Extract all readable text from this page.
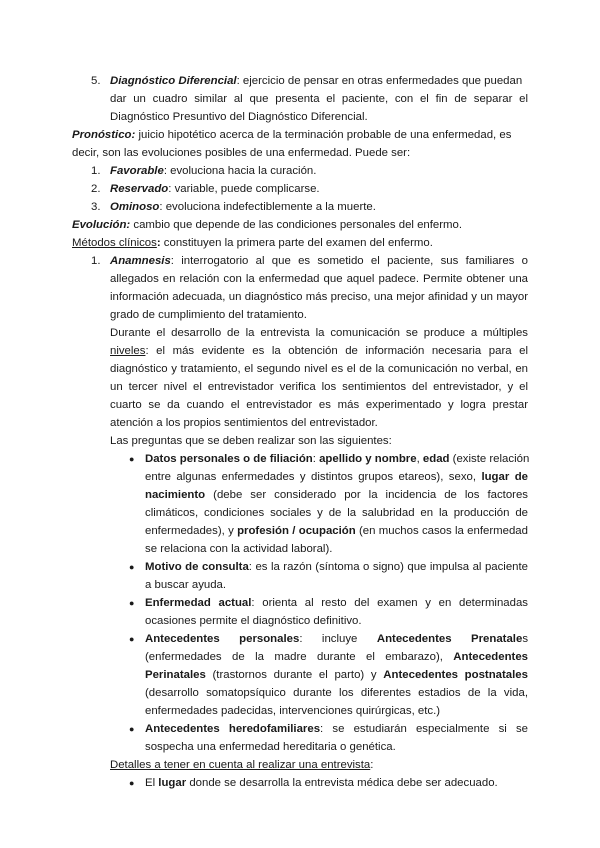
5. Diagnóstico Diferencial: ejercicio de pensar en otras enfermedades que puedan
dar un cuadro similar al que presenta el paciente, con el fin de separar el
Diagnóstico Presuntivo del Diagnóstico Diferencial.
Pronóstico: juicio hipotético acerca de la terminación probable de una enfermedad, es
decir, son las evoluciones posibles de una enfermedad. Puede ser:
1. Favorable: evoluciona hacia la curación.
2. Reservado: variable, puede complicarse.
3. Ominoso: evoluciona indefectiblemente a la muerte.
Evolución: cambio que depende de las condiciones personales del enfermo.
Métodos clínicos: constituyen la primera parte del examen del enfermo.
1. Anamnesis: interrogatorio al que es sometido el paciente, sus familiares o
allegados en relación con la enfermedad que aquel padece. Permite obtener una
información adecuada, un diagnóstico más preciso, una mejor afinidad y un mayor
grado de cumplimiento del tratamiento.
Durante el desarrollo de la entrevista la comunicación se produce a múltiples
niveles: el más evidente es la obtención de información necesaria para el
diagnóstico y tratamiento, el segundo nivel es el de la comunicación no verbal, en
un tercer nivel el entrevistador verifica los sentimientos del entrevistador, y el
cuarto se da cuando el entrevistador es más experimentado y logra prestar
atención a los propios sentimientos del entrevistador.
Las preguntas que se deben realizar son las siguientes:
● Datos personales o de filiación: apellido y nombre, edad (existe relación
entre algunas enfermedades y distintos grupos etareos), sexo, lugar de
nacimiento (debe ser considerado por la incidencia de los factores
climáticos, condiciones sociales y de la salubridad en la producción de
enfermedades), y profesión / ocupación (en muchos casos la enfermedad
se relaciona con la actividad laboral).
● Motivo de consulta: es la razón (síntoma o signo) que impulsa al paciente
a buscar ayuda.
● Enfermedad actual: orienta al resto del examen y en determinadas
ocasiones permite el diagnóstico definitivo.
● Antecedentes personales: incluye Antecedentes Prenatales
(enfermedades de la madre durante el embarazo), Antecedentes
Perinatales (trastornos durante el parto) y Antecedentes postnatales
(desarrollo somatopsíquico durante los diferentes estadios de la vida,
enfermedades padecidas, intervenciones quirúrgicas, etc.)
● Antecedentes heredofamiliares: se estudiarán especialmente si se
sospecha una enfermedad hereditaria o genética.
Detalles a tener en cuenta al realizar una entrevista:
● El lugar donde se desarrolla la entrevista médica debe ser adecuado.
